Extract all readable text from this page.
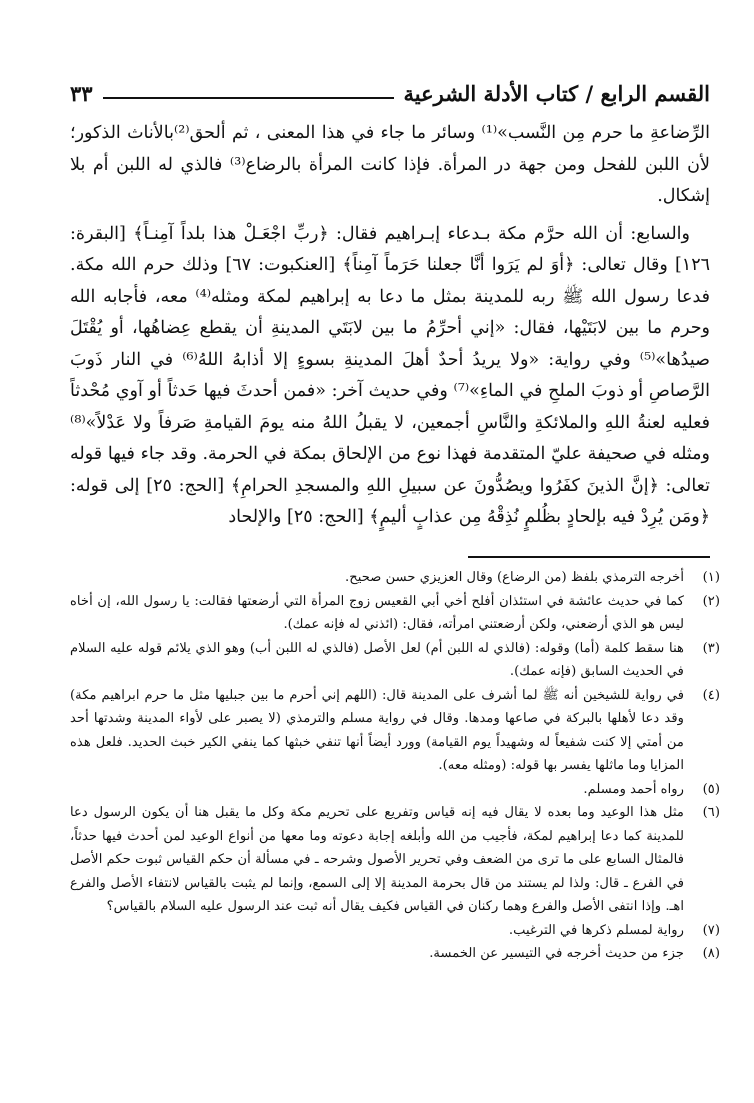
القسم الرابع / كتاب الأدلة الشرعية
٣٣

الرِّضاعةِ ما حرم مِن النَّسب»⁽¹⁾ وسائر ما جاء في هذا المعنى ، ثم ألحق⁽²⁾بالأناث الذكور؛ لأن اللبن للفحل ومن جهة در المرأة. فإذا كانت المرأة بالرضاع⁽³⁾ فالذي له اللبن أم بلا إشكال.

والسابع: أن الله حرَّم مكة بـدعاء إبـراهيم فقال: ﴿ربِّ اجْعَـلْ هذا بلداً آمِنـاً﴾ [البقرة: ١٢٦] وقال تعالى: ﴿أوَ لم يَرَوا أنَّا جعلنا حَرَماً آمِناً﴾ [العنكبوت: ٦٧] وذلك حرم الله مكة. فدعا رسول الله ﷺ ربه للمدينة بمثل ما دعا به إبراهيم لمكة ومثله⁽⁴⁾ معه، فأجابه الله وحرم ما بين لابَتَيْها، فقال: «إني أحرِّمُ ما بين لابَتَي المدينةِ أن يقطع عِضاهُها، أو يُقْتَلَ صيدُها»⁽⁵⁾ وفي رواية: «ولا يريدُ أحدٌ أهلَ المدينةِ بسوءٍ إلا أذابهُ اللهُ⁽⁶⁾ في النار ذَوبَ الرَّصاصِ أو ذوبَ الملحِ في الماءِ»⁽⁷⁾ وفي حديث آخر: «فمن أحدثَ فيها حَدثاً أو آوي مُحْدثاً فعليه لعنةُ اللهِ والملائكةِ والنَّاسِ أجمعين، لا يقبلُ اللهُ منه يومَ القيامةِ صَرفاً ولا عَدْلاً»⁽⁸⁾ ومثله في صحيفة عليّ المتقدمة فهذا نوع من الإلحاق بمكة في الحرمة. وقد جاء فيها قوله تعالى: ﴿إنَّ الذينَ كفَرُوا ويصُدُّونَ عن سبيلِ اللهِ والمسجدِ الحرامِ﴾ [الحج: ٢٥] إلى قوله: ﴿ومَن يُرِدْ فيه بإلحادٍ بظُلمٍ نُذِقْهُ مِن عذابٍ أليمٍ﴾ [الحج: ٢٥] والإلحاد

(١)
أخرجه الترمذي بلفظ (من الرضاع) وقال العزيزي حسن صحيح.
(٢)
كما في حديث عائشة في استئذان أفلح أخي أبي القعيس زوج المرأة التي أرضعتها فقالت: يا رسول الله، إن أخاه ليس هو الذي أرضعني، ولكن أرضعتني امرأته، فقال: (ائذني له فإنه عمك).
(٣)
هنا سقط كلمة (أما) وقوله: (فالذي له اللبن أم) لعل الأصل (فالذي له اللبن أب) وهو الذي يلائم قوله عليه السلام في الحديث السابق (فإنه عمك).
(٤)
في رواية للشيخين أنه ﷺ لما أشرف على المدينة قال: (اللهم إني أحرم ما بين جبليها مثل ما حرم ابراهيم مكة) وقد دعا لأهلها بالبركة في صاعها ومدها. وقال في رواية مسلم والترمذي (لا يصبر على لأواء المدينة وشدتها أحد من أمتي إلا كنت شفيعاً له وشهيداً يوم القيامة) وورد أيضاً أنها تنفي خبثها كما ينفي الكير خبث الحديد. فلعل هذه المزايا وما ماثلها يفسر بها قوله: (ومثله معه).
(٥)
رواه أحمد ومسلم.
(٦)
مثل هذا الوعيد وما بعده لا يقال فيه إنه قياس وتفريع على تحريم مكة وكل ما يقبل هنا أن يكون الرسول دعا للمدينة كما دعا إبراهيم لمكة، فأجيب من الله وأبلغه إجابة دعوته وما معها من أنواع الوعيد لمن أحدث فيها حدثاً، فالمثال السابع على ما ترى من الضعف وفي تحرير الأصول وشرحه ـ في مسألة أن حكم القياس ثبوت حكم الأصل في الفرع ـ قال: ولذا لم يستند من قال بحرمة المدينة إلا إلى السمع، وإنما لم يثبت بالقياس لانتفاء الأصل والفرع اهـ. وإذا انتفى الأصل والفرع وهما ركنان في القياس فكيف يقال أنه ثبت عند الرسول عليه السلام بالقياس؟
(٧)
رواية لمسلم ذكرها في الترغيب.
(٨)
جزء من حديث أخرجه في التيسير عن الخمسة.
